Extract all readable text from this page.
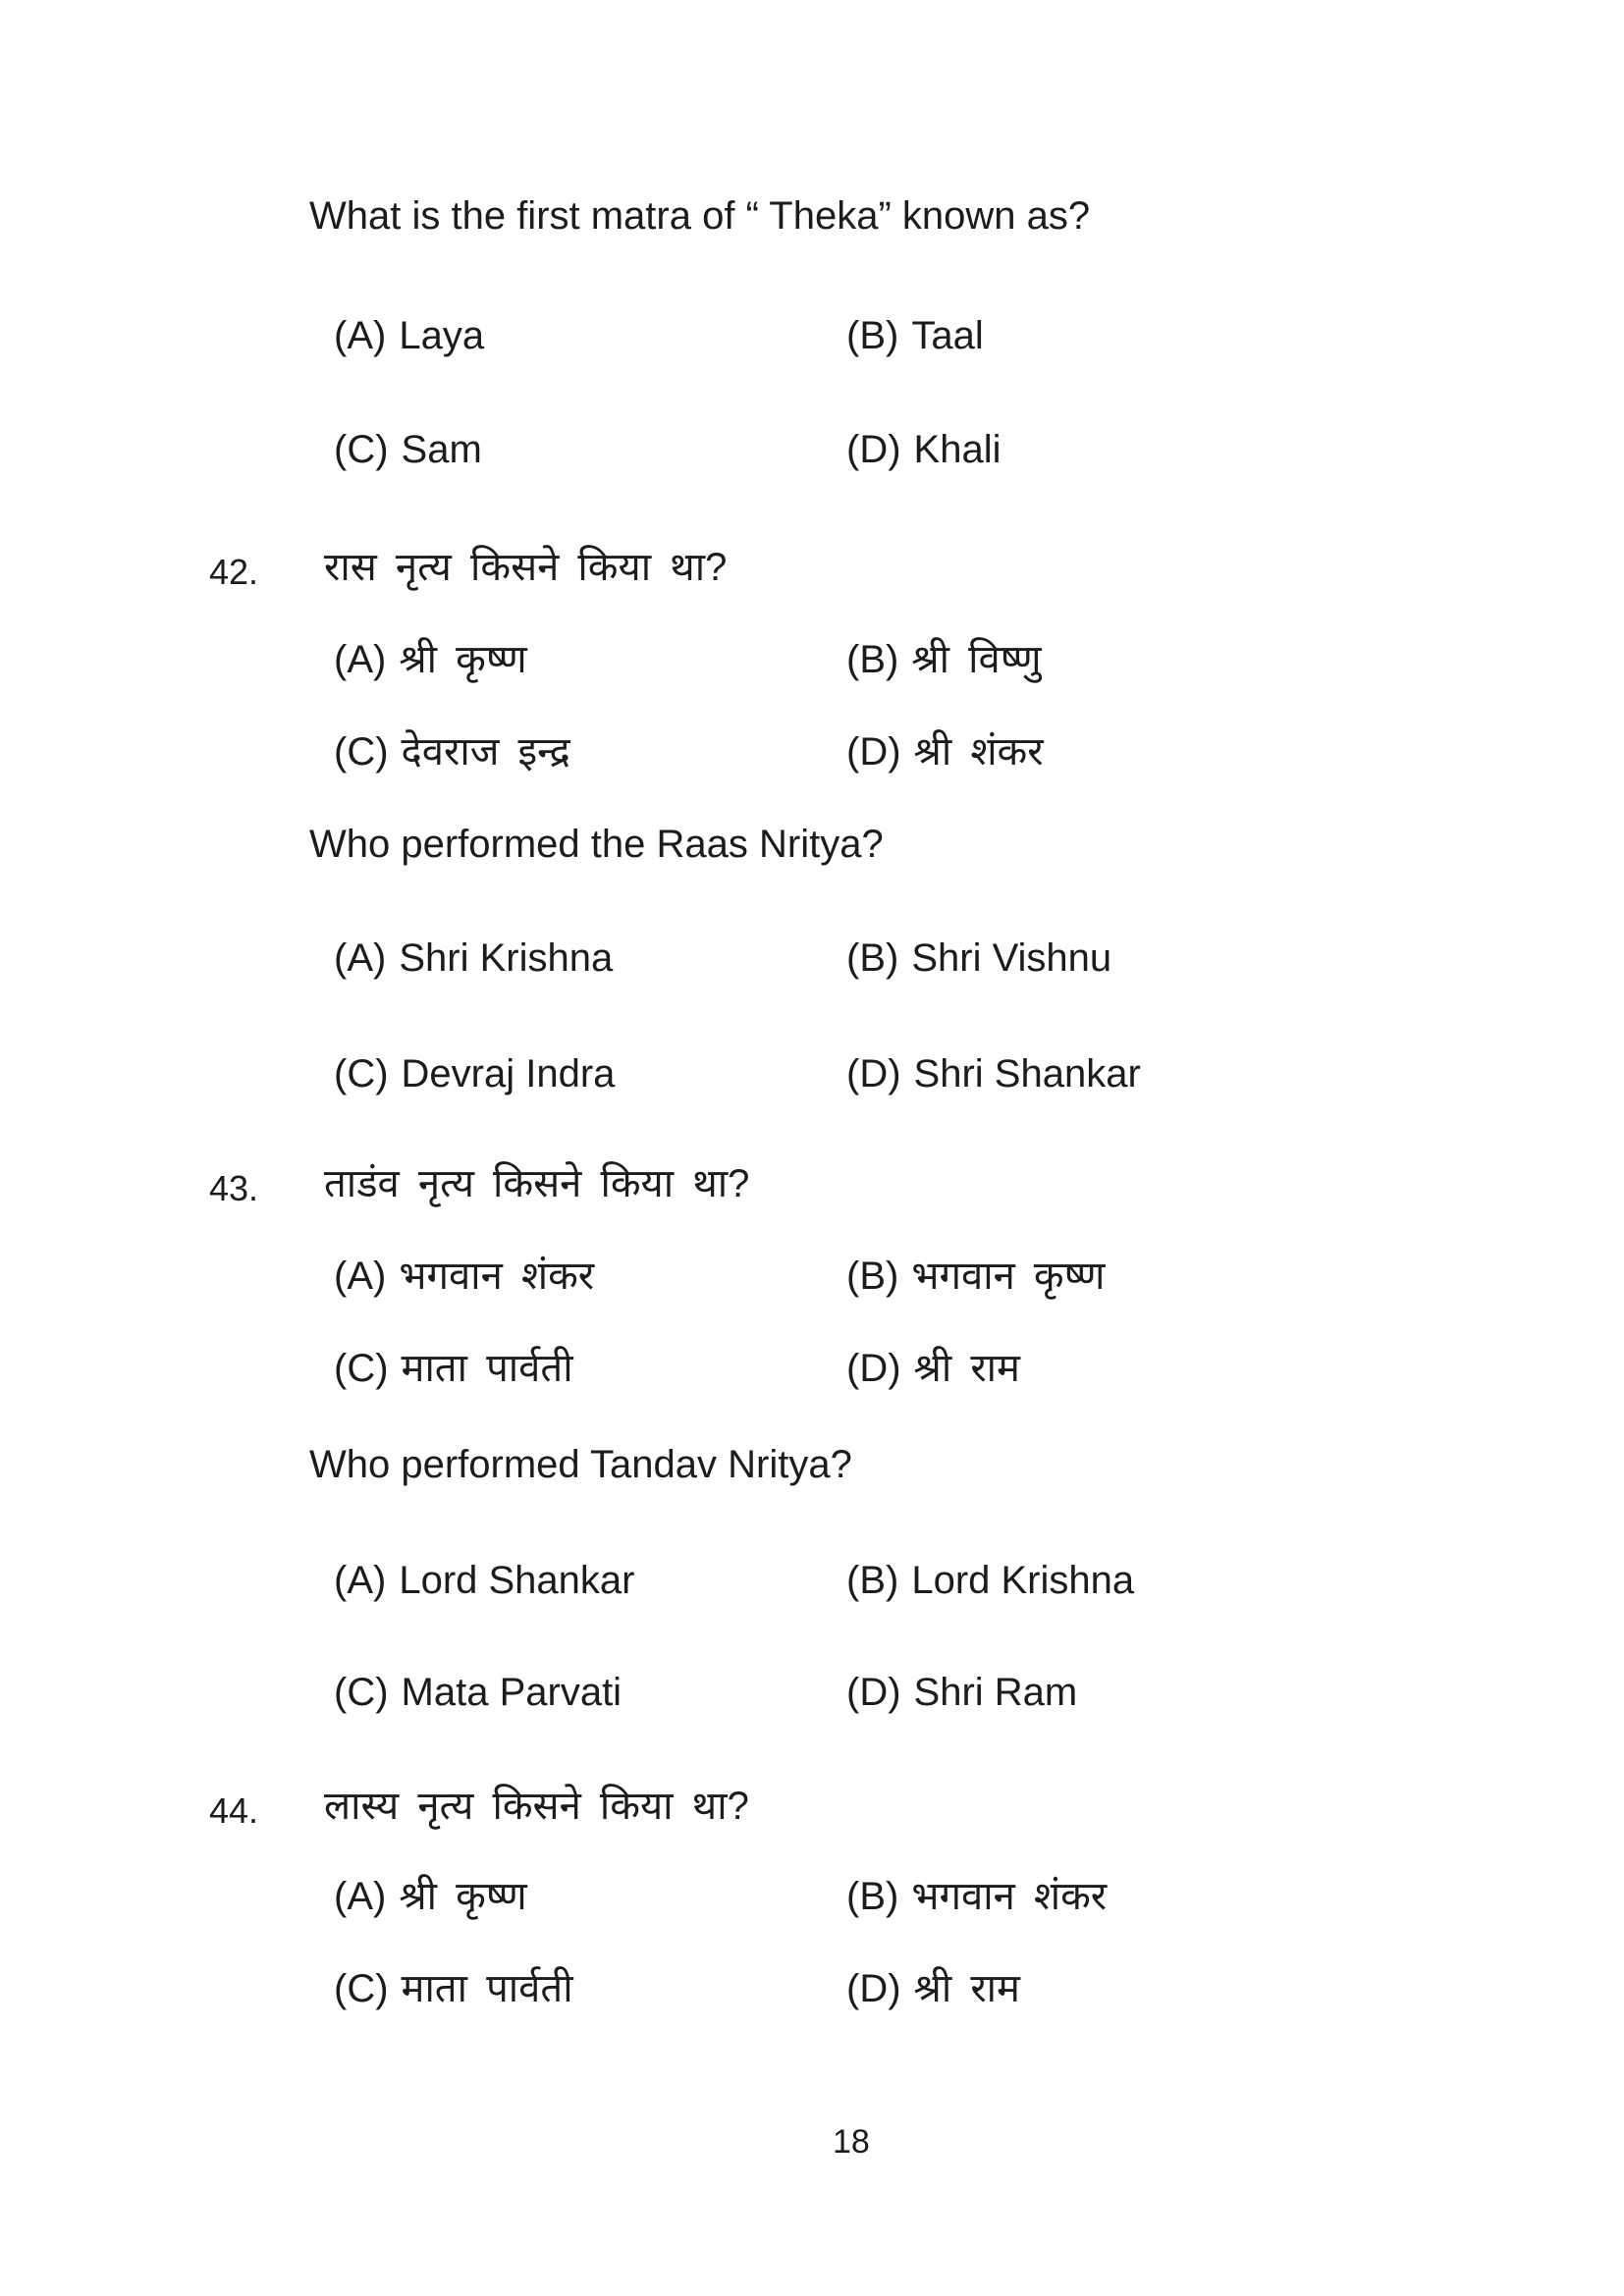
What is the first matra of “ Theka” known as?
(A) Laya	(B) Taal
(C) Sam	(D) Khali
42. रास नृत्य किसने किया था?
(A) श्री कृष्ण	(B) श्री विष्णु
(C) देवराज इन्द्र	(D) श्री शंकर
Who performed the Raas Nritya?
(A) Shri Krishna	(B) Shri Vishnu
(C) Devraj Indra	(D) Shri Shankar
43. ताडंव नृत्य किसने किया था?
(A) भगवान शंकर	(B) भगवान कृष्ण
(C) माता पार्वती	(D) श्री राम
Who performed Tandav Nritya?
(A) Lord Shankar	(B) Lord Krishna
(C) Mata Parvati	(D) Shri Ram
44. लास्य नृत्य किसने किया था?
(A) श्री कृष्ण	(B) भगवान शंकर
(C) माता पार्वती	(D) श्री राम
18
